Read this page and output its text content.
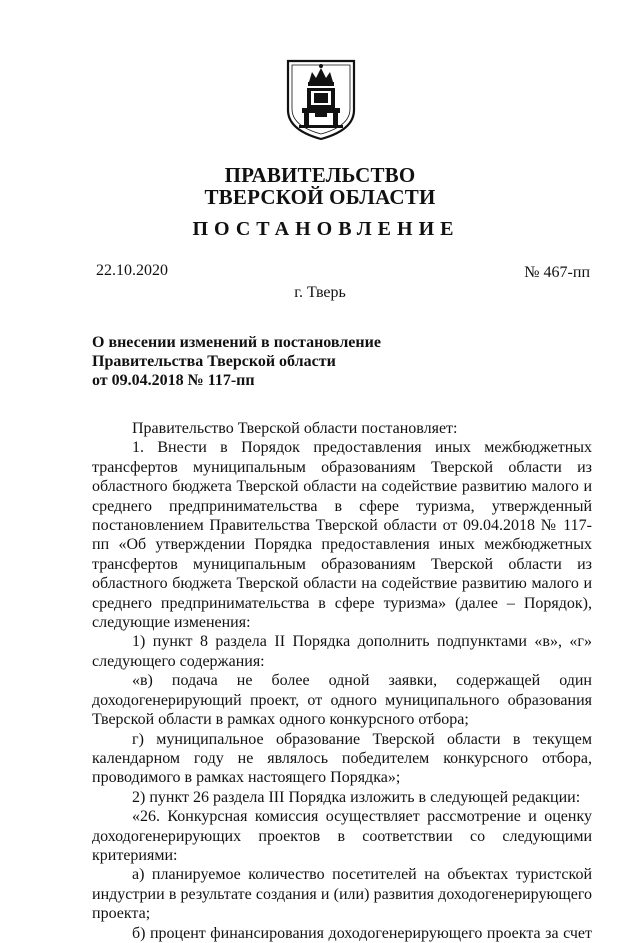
ПРАВИТЕЛЬСТВО
ТВЕРСКОЙ ОБЛАСТИ
ПОСТАНОВЛЕНИЕ
22.10.2020	№ 467-пп
г. Тверь
О внесении изменений в постановление
Правительства Тверской области
от 09.04.2018 № 117-пп

Правительство Тверской области постановляет:

1. Внести в Порядок предоставления иных межбюджетных трансфертов муниципальным образованиям Тверской области из областного бюджета Тверской области на содействие развитию малого и среднего предпринимательства в сфере туризма, утвержденный постановлением Правительства Тверской области от 09.04.2018 № 117-пп «Об утверждении Порядка предоставления иных межбюджетных трансфертов муниципальным образованиям Тверской области из областного бюджета Тверской области на содействие развитию малого и среднего предпринимательства в сфере туризма» (далее – Порядок), следующие изменения:

1) пункт 8 раздела II Порядка дополнить подпунктами «в», «г» следующего содержания:

«в) подача не более одной заявки, содержащей один доходогенерирующий проект, от одного муниципального образования Тверской области в рамках одного конкурсного отбора;

г) муниципальное образование Тверской области в текущем календарном году не являлось победителем конкурсного отбора, проводимого в рамках настоящего Порядка»;

2) пункт 26 раздела III Порядка изложить в следующей редакции:

«26. Конкурсная комиссия осуществляет рассмотрение и оценку доходогенерирующих проектов в соответствии со следующими критериями:

а) планируемое количество посетителей на объектах туристской индустрии в результате создания и (или) развития доходогенерирующего проекта;

б) процент финансирования доходогенерирующего проекта за счет
